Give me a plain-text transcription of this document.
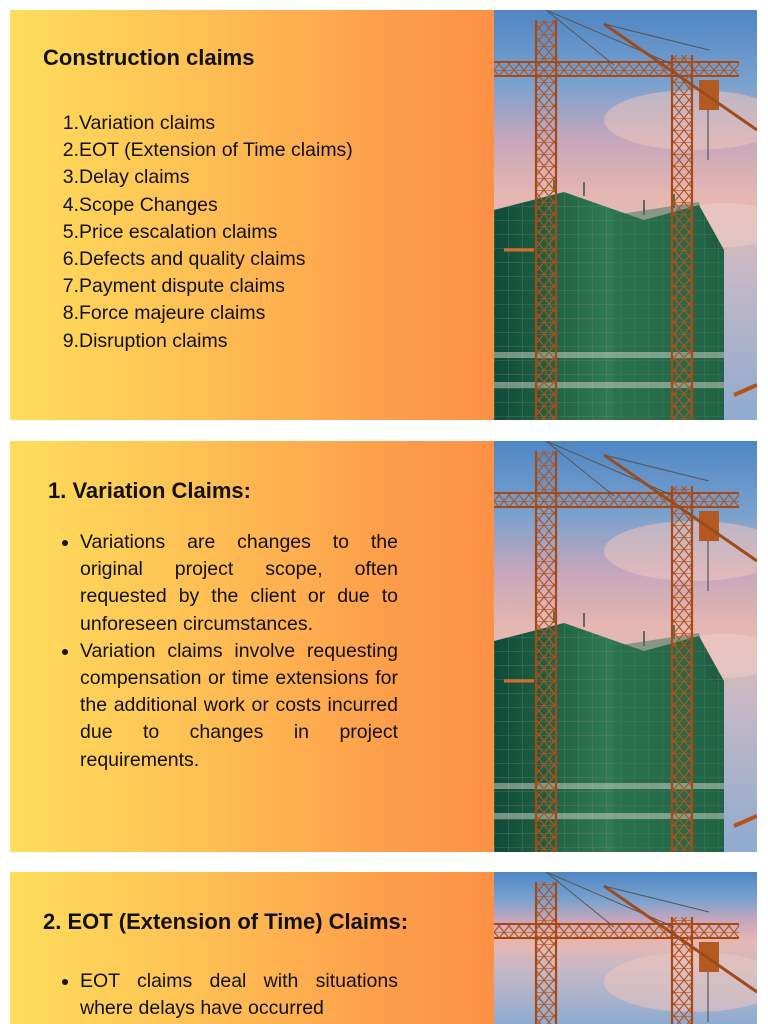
Construction claims
1. Variation claims
2. EOT (Extension of Time claims)
3. Delay claims
4. Scope Changes
5. Price escalation claims
6. Defects and quality claims
7. Payment dispute claims
8. Force majeure claims
9. Disruption claims
1. Variation Claims:
Variations are changes to the original project scope, often requested by the client or due to unforeseen circumstances.
Variation claims involve requesting compensation or time extensions for the additional work or costs incurred due to changes in project requirements.
2. EOT (Extension of Time) Claims:
EOT claims deal with situations where delays have occurred
